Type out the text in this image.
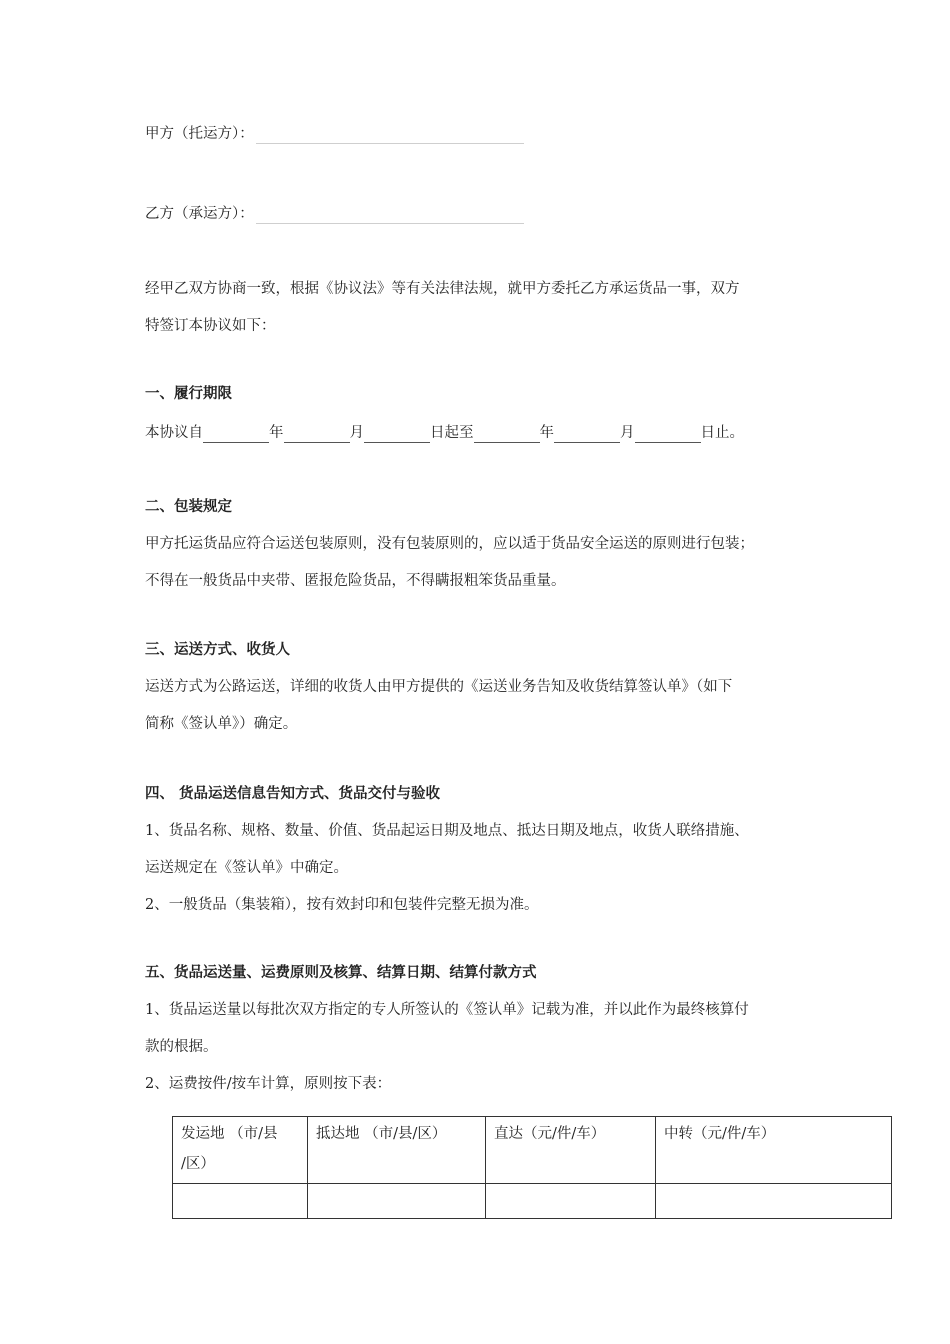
甲方（托运方）：
乙方（承运方）：
经甲乙双方协商一致，根据《协议法》等有关法律法规，就甲方委托乙方承运货品一事，双方
特签订本协议如下：
一、履行期限
本协议自	年	月	日起至	年	月	日止。
二、包装规定
甲方托运货品应符合运送包装原则，没有包装原则的，应以适于货品安全运送的原则进行包装；
不得在一般货品中夹带、匿报危险货品，不得瞒报粗笨货品重量。
三、运送方式、收货人
运送方式为公路运送，详细的收货人由甲方提供的《运送业务告知及收货结算签认单》（如下
简称《签认单》）确定。
四、 货品运送信息告知方式、货品交付与验收
1、货品名称、规格、数量、价值、货品起运日期及地点、抵达日期及地点，收货人联络措施、
运送规定在《签认单》中确定。
2、一般货品（集装箱），按有效封印和包装件完整无损为准。
五、货品运送量、运费原则及核算、结算日期、结算付款方式
1、货品运送量以每批次双方指定的专人所签认的《签认单》记载为准，并以此作为最终核算付
款的根据。
2、运费按件/按车计算，原则按下表：
发运地 （市/县
/区）	抵达地 （市/县/区）	直达（元/件/车）	中转（元/件/车）
